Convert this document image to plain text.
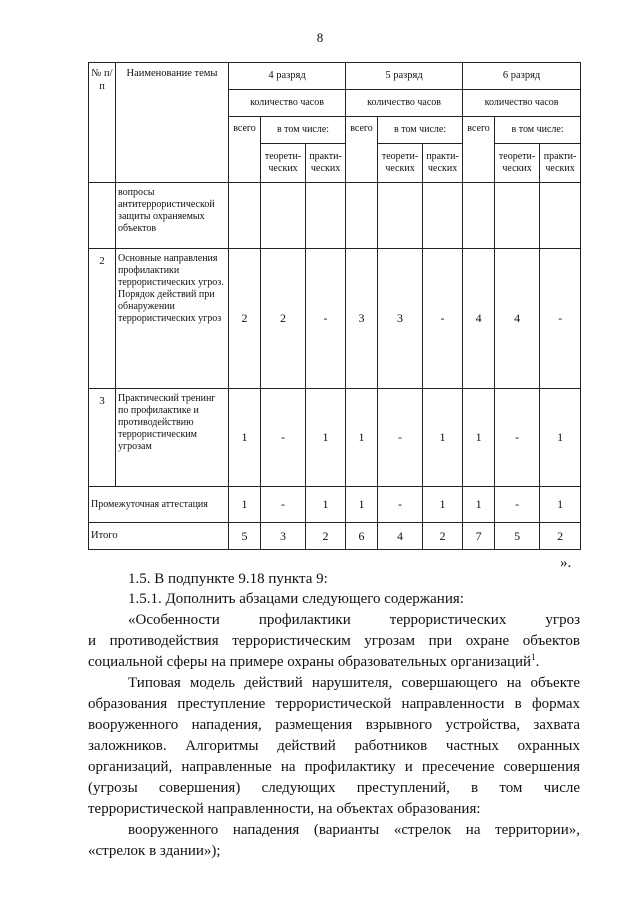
8
№ п/п	Наименование темы	4 разряд			5 разряд			6 разряд		
		количество часов			количество часов			количество часов		
		всего	в том числе:		всего	в том числе:		всего	в том числе:	
			теорети-ческих	практи-ческих		теорети-ческих	практи-ческих		теорети-ческих	практи-ческих
	вопросы антитеррористической защиты охраняемых объектов									
2	Основные направления профилактики террористических угроз. Порядок действий при обнаружении террористических угроз	2	2	-	3	3	-	4	4	-
3	Практический тренинг по профилактике и противодействию террористическим угрозам	1	-	1	1	-	1	1	-	1
Промежуточная аттестация		1	-	1	1	-	1	1	-	1
Итого		5	3	2	6	4	2	7	5	2
».
1.5. В подпункте 9.18 пункта 9:
1.5.1. Дополнить абзацами следующего содержания:
«Особенности профилактики террористических угроз
и противодействия террористическим угрозам при охране объектов
социальной сферы на примере охраны образовательных организаций$^1$.
Типовая модель действий нарушителя, совершающего на объекте
образования преступление террористической направленности в формах
вооруженного нападения, размещения взрывного устройства, захвата
заложников. Алгоритмы действий работников частных охранных
организаций, направленные на профилактику и пресечение совершения
(угрозы совершения) следующих преступлений, в том числе
террористической направленности, на объектах образования:
вооруженного нападения (варианты «стрелок на территории»,
«стрелок в здании»);
